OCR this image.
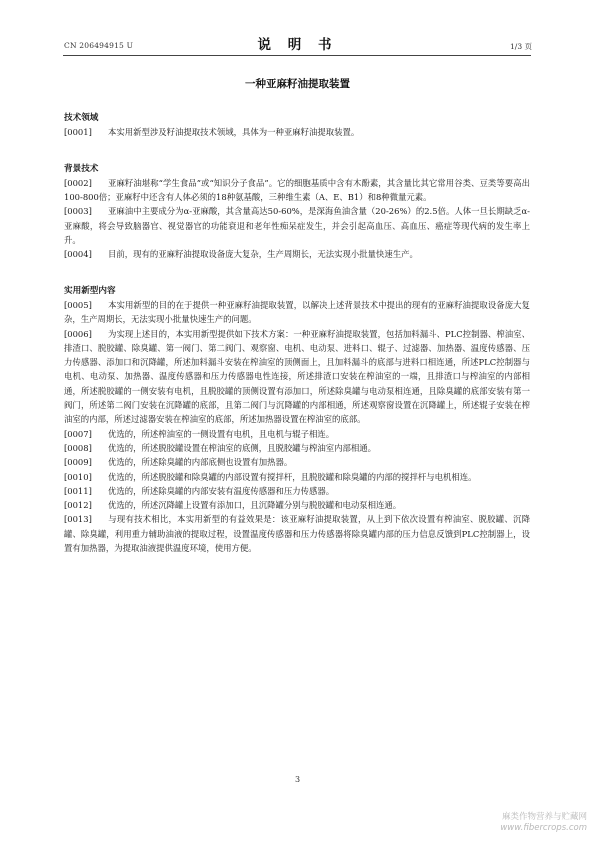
CN 206494915 U	说 明 书	1/3 页
一种亚麻籽油提取装置

技术领域

[0001] 本实用新型涉及籽油提取技术领域，具体为一种亚麻籽油提取装置。

背景技术

[0002] 亚麻籽油堪称“学生食品”或“知识分子食品”。它的细胞基质中含有木酚素，其含量比其它常用谷类、豆类等要高出100-800倍；亚麻籽中还含有人体必须的18种氨基酸，三种维生素（A、E、B1）和8种微量元素。

[0003] 亚麻油中主要成分为α-亚麻酸，其含量高达50-60%，是深海鱼油含量（20-26%）的2.5倍。人体一旦长期缺乏α-亚麻酸，将会导致脑器官、视觉器官的功能衰退和老年性痴呆症发生，并会引起高血压、高血压、癌症等现代病的发生率上升。

[0004] 目前，现有的亚麻籽油提取设备庞大复杂，生产周期长，无法实现小批量快速生产。

实用新型内容

[0005] 本实用新型的目的在于提供一种亚麻籽油提取装置，以解决上述背景技术中提出的现有的亚麻籽油提取设备庞大复杂，生产周期长，无法实现小批量快速生产的问题。

[0006] 为实现上述目的，本实用新型提供如下技术方案：一种亚麻籽油提取装置，包括加料漏斗、PLC控制器、榨油室、排渣口、脱胶罐、除臭罐、第一阀门、第二阀门、观察窗、电机、电动泵、进料口、辊子、过滤器、加热器、温度传感器、压力传感器、添加口和沉降罐，所述加料漏斗安装在榨油室的顶侧面上，且加料漏斗的底部与进料口相连通，所述PLC控制器与电机、电动泵、加热器、温度传感器和压力传感器电性连接，所述排渣口安装在榨油室的一端，且排渣口与榨油室的内部相通，所述脱胶罐的一侧安装有电机，且脱胶罐的顶侧设置有添加口，所述除臭罐与电动泵相连通，且除臭罐的底部安装有第一阀门，所述第二阀门安装在沉降罐的底部，且第二阀门与沉降罐的内部相通，所述观察窗设置在沉降罐上，所述辊子安装在榨油室的内部，所述过滤器安装在榨油室的底部，所述加热器设置在榨油室的底部。

[0007] 优选的，所述榨油室的一侧设置有电机，且电机与辊子相连。

[0008] 优选的，所述脱胶罐设置在榨油室的底侧，且脱胶罐与榨油室内部相通。

[0009] 优选的，所述除臭罐的内部底侧也设置有加热器。

[0010] 优选的，所述脱胶罐和除臭罐的内部设置有搅拌杆，且脱胶罐和除臭罐的内部的搅拌杆与电机相连。

[0011] 优选的，所述除臭罐的内部安装有温度传感器和压力传感器。

[0012] 优选的，所述沉降罐上设置有添加口，且沉降罐分别与脱胶罐和电动泵相连通。

[0013] 与现有技术相比，本实用新型的有益效果是：该亚麻籽油提取装置，从上到下依次设置有榨油室、脱胶罐、沉降罐、除臭罐，利用重力辅助油液的提取过程，设置温度传感器和压力传感器将除臭罐内部的压力信息反馈到PLC控制器上，设置有加热器，为提取油液提供温度环境，使用方便。

3
麻类作物营养与贮藏网
www.fibercrops.com
